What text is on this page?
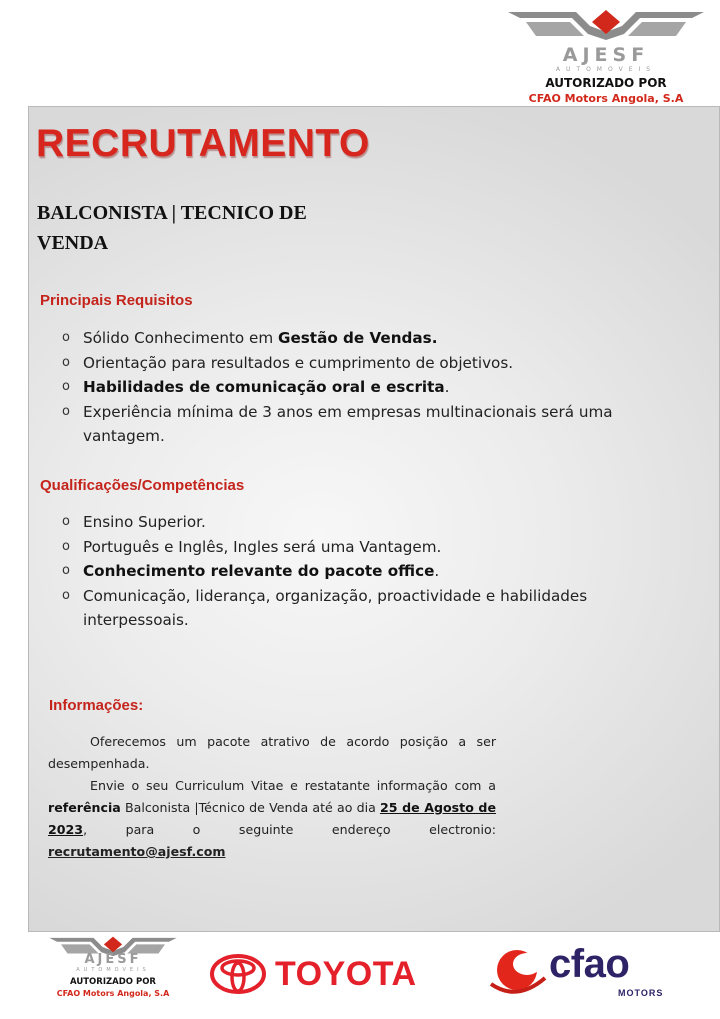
AJESF
AUTOMOVEIS
AUTORIZADO POR
CFAO Motors Angola, S.A
RECRUTAMENTO
BALCONISTA | TECNICO DE VENDA
Principais Requisitos
o Sólido Conhecimento em Gestão de Vendas.
o Orientação para resultados e cumprimento de objetivos.
o Habilidades de comunicação oral e escrita.
o Experiência mínima de 3 anos em empresas multinacionais será uma vantagem.
Qualificações/Competências
o Ensino Superior.
o Português e Inglês, Ingles será uma Vantagem.
o Conhecimento relevante do pacote office.
o Comunicação, liderança, organização, proactividade e habilidades interpessoais.
Informações:

Oferecemos um pacote atrativo de acordo posição a ser desempenhada.

Envie o seu Curriculum Vitae e restatante informação com a referência Balconista |Técnico de Venda até ao dia 25 de Agosto de 2023, para o seguinte endereço electronio: recrutamento@ajesf.com

AJESF
AUTOMOVEIS
AUTORIZADO POR
CFAO Motors Angola, S.A
TOYOTA	cfao
MOTORS
